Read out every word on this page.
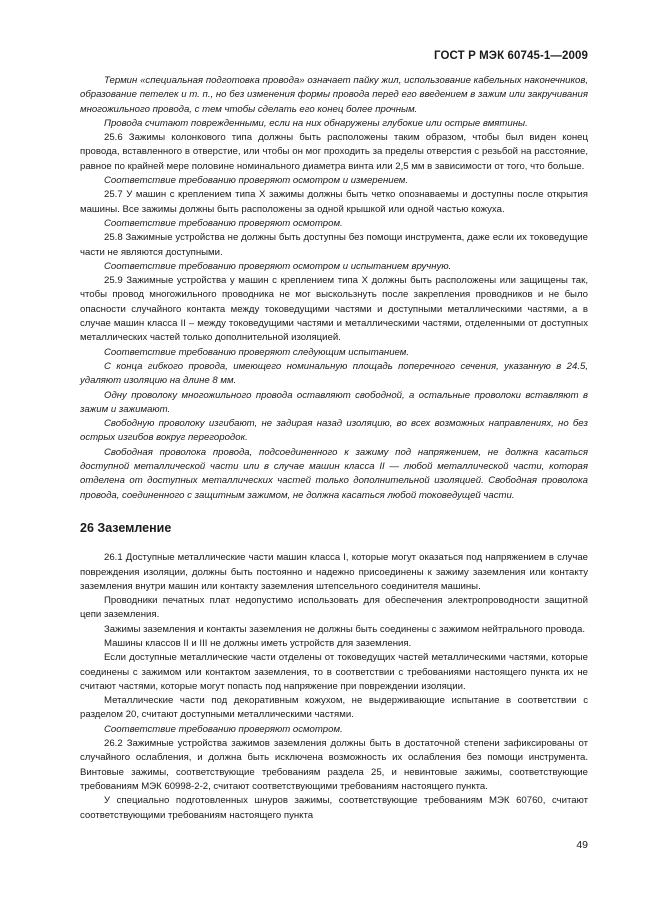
ГОСТ Р МЭК 60745-1—2009

Термин «специальная подготовка провода» означает пайку жил, использование кабельных наконечников, образование петелек и т. п., но без изменения формы провода перед его введением в зажим или закручивания многожильного провода, с тем чтобы сделать его конец более прочным.

Провода считают поврежденными, если на них обнаружены глубокие или острые вмятины.

25.6 Зажимы колонкового типа должны быть расположены таким образом, чтобы был виден конец провода, вставленного в отверстие, или чтобы он мог проходить за пределы отверстия с резьбой на расстояние, равное по крайней мере половине номинального диаметра винта или 2,5 мм в зависимости от того, что больше.

Соответствие требованию проверяют осмотром и измерением.

25.7 У машин с креплением типа X зажимы должны быть четко опознаваемы и доступны после открытия машины. Все зажимы должны быть расположены за одной крышкой или одной частью кожуха.

Соответствие требованию проверяют осмотром.

25.8 Зажимные устройства не должны быть доступны без помощи инструмента, даже если их токоведущие части не являются доступными.

Соответствие требованию проверяют осмотром и испытанием вручную.

25.9 Зажимные устройства у машин с креплением типа X должны быть расположены или защищены так, чтобы провод многожильного проводника не мог выскользнуть после закрепления проводников и не было опасности случайного контакта между токоведущими частями и доступными металлическими частями, а в случае машин класса II – между токоведущими частями и металлическими частями, отделенными от доступных металлических частей только дополнительной изоляцией.

Соответствие требованию проверяют следующим испытанием.

С конца гибкого провода, имеющего номинальную площадь поперечного сечения, указанную в 24.5, удаляют изоляцию на длине 8 мм.

Одну проволоку многожильного провода оставляют свободной, а остальные проволоки вставляют в зажим и зажимают.

Свободную проволоку изгибают, не задирая назад изоляцию, во всех возможных направлениях, но без острых изгибов вокруг перегородок.

Свободная проволока провода, подсоединенного к зажиму под напряжением, не должна касаться доступной металлической части или в случае машин класса II — любой металлической части, которая отделена от доступных металлических частей только дополнительной изоляцией. Свободная проволока провода, соединенного с защитным зажимом, не должна касаться любой токоведущей части.

26 Заземление

26.1 Доступные металлические части машин класса I, которые могут оказаться под напряжением в случае повреждения изоляции, должны быть постоянно и надежно присоединены к зажиму заземления или контакту заземления внутри машин или контакту заземления штепсельного соединителя машины.

Проводники печатных плат недопустимо использовать для обеспечения электропроводности защитной цепи заземления.

Зажимы заземления и контакты заземления не должны быть соединены с зажимом нейтрального провода.

Машины классов II и III не должны иметь устройств для заземления.

Если доступные металлические части отделены от токоведущих частей металлическими частями, которые соединены с зажимом или контактом заземления, то в соответствии с требованиями настоящего пункта их не считают частями, которые могут попасть под напряжение при повреждении изоляции.

Металлические части под декоративным кожухом, не выдерживающие испытание в соответствии с разделом 20, считают доступными металлическими частями.

Соответствие требованию проверяют осмотром.

26.2 Зажимные устройства зажимов заземления должны быть в достаточной степени зафиксированы от случайного ослабления, и должна быть исключена возможность их ослабления без помощи инструмента. Винтовые зажимы, соответствующие требованиям раздела 25, и невинтовые зажимы, соответствующие требованиям МЭК 60998-2-2, считают соответствующими требованиям настоящего пункта.

У специально подготовленных шнуров зажимы, соответствующие требованиям МЭК 60760, считают соответствующими требованиям настоящего пункта

49
